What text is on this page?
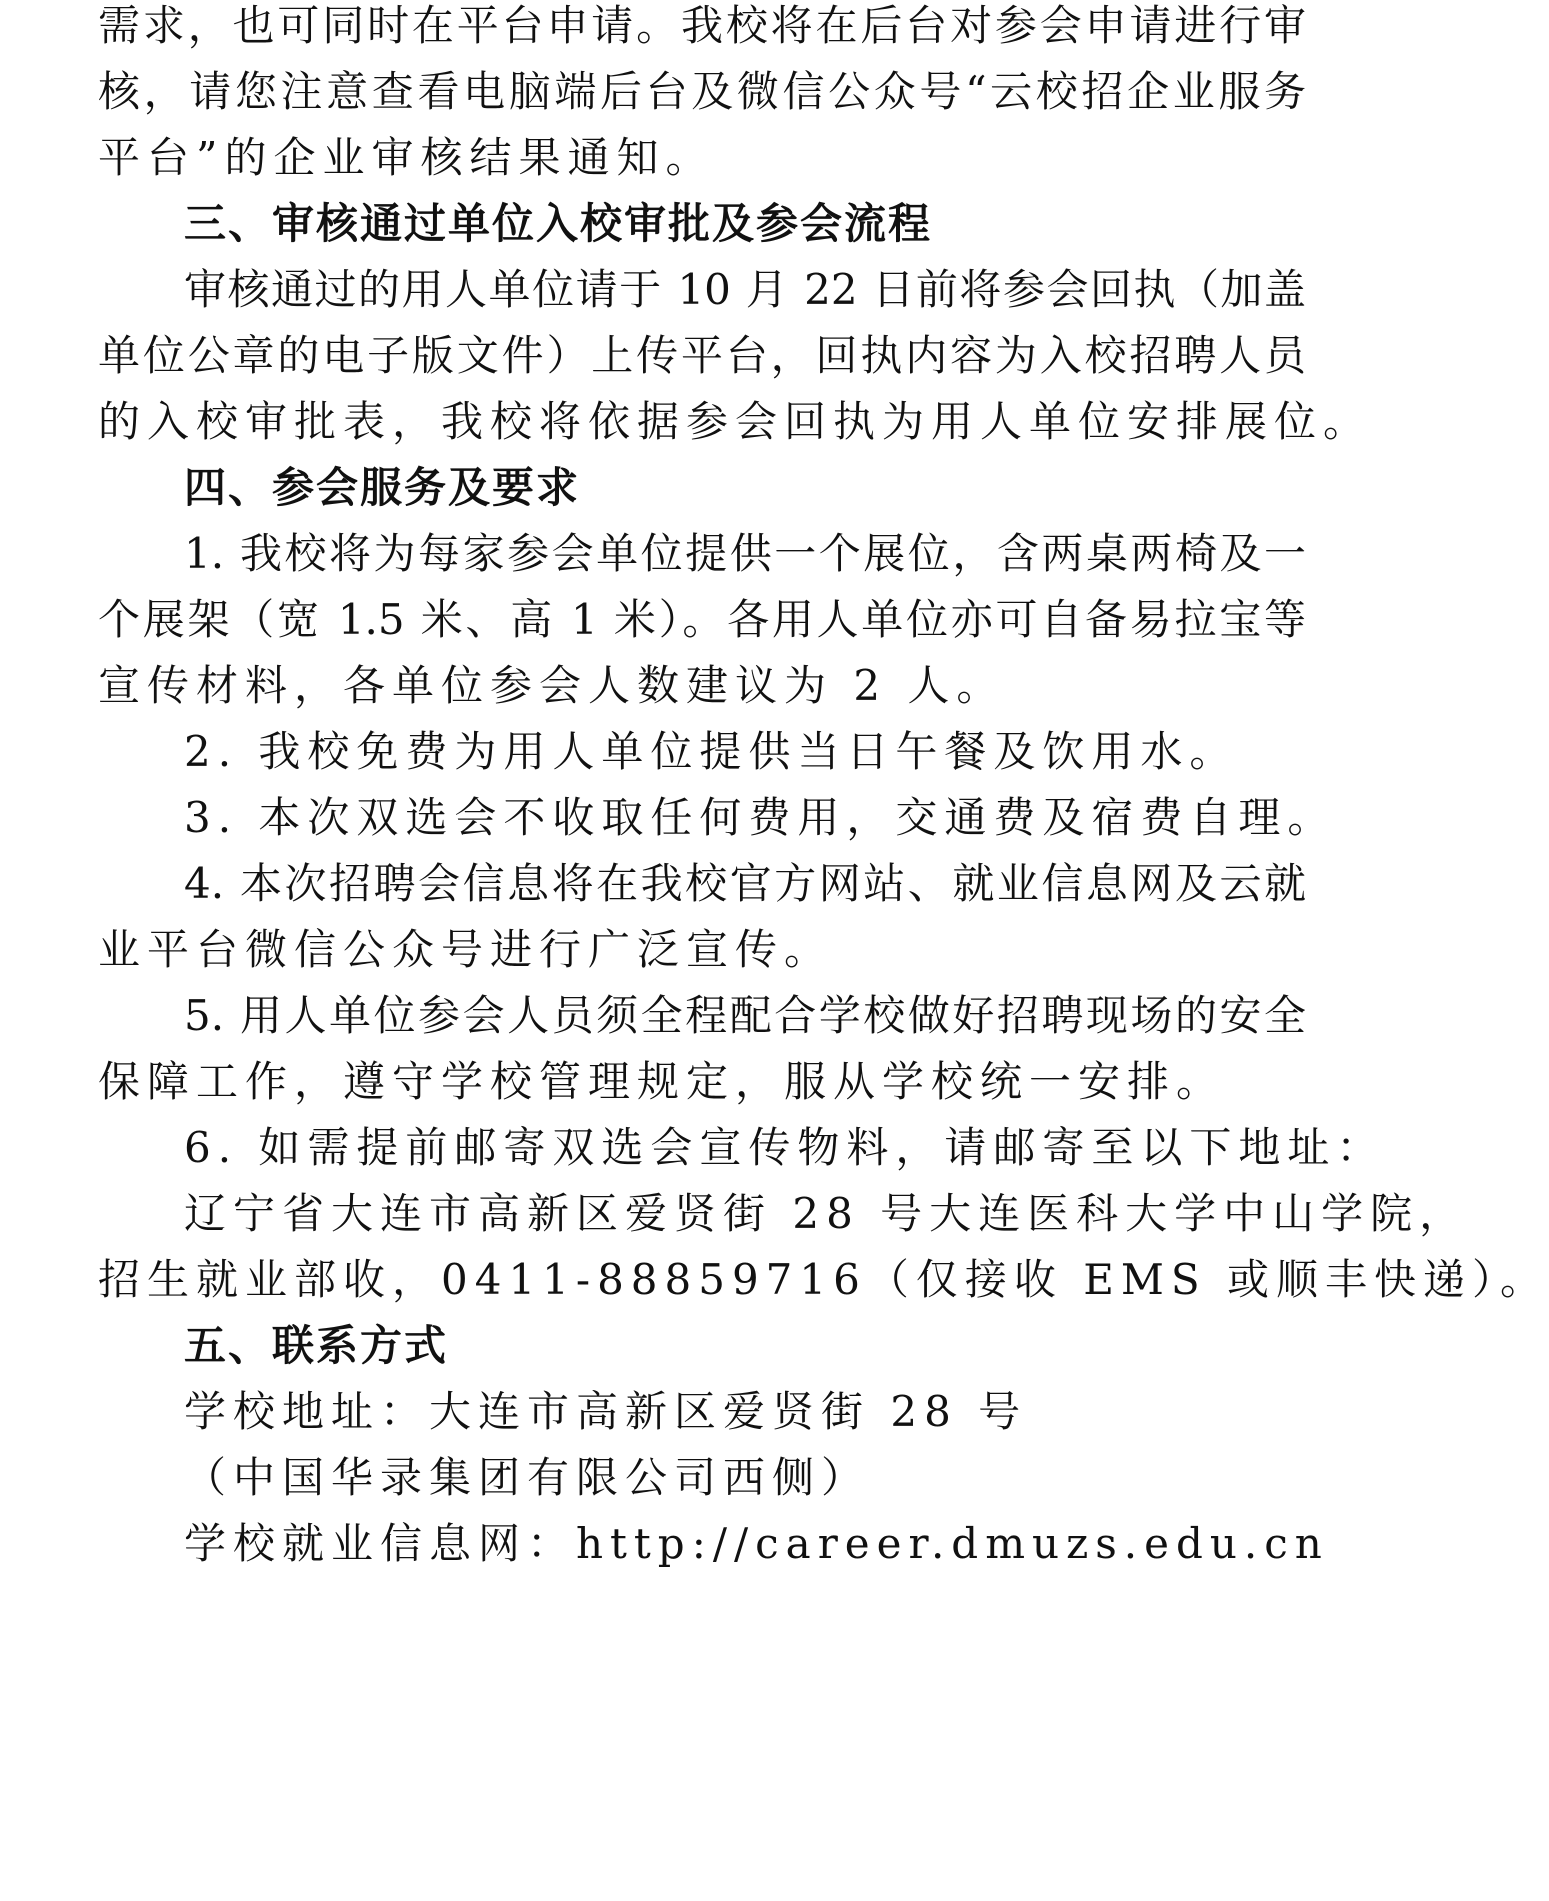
需求，也可同时在平台申请。我校将在后台对参会申请进行审
核，请您注意查看电脑端后台及微信公众号“云校招企业服务
平台”的企业审核结果通知。
三、审核通过单位入校审批及参会流程
审核通过的用人单位请于 10 月 22 日前将参会回执（加盖
单位公章的电子版文件）上传平台，回执内容为入校招聘人员
的入校审批表，我校将依据参会回执为用人单位安排展位。
四、参会服务及要求
1. 我校将为每家参会单位提供一个展位，含两桌两椅及一
个展架（宽 1.5 米、高 1 米）。各用人单位亦可自备易拉宝等
宣传材料，各单位参会人数建议为 2 人。
2. 我校免费为用人单位提供当日午餐及饮用水。
3. 本次双选会不收取任何费用，交通费及宿费自理。
4. 本次招聘会信息将在我校官方网站、就业信息网及云就
业平台微信公众号进行广泛宣传。
5. 用人单位参会人员须全程配合学校做好招聘现场的安全
保障工作，遵守学校管理规定，服从学校统一安排。
6. 如需提前邮寄双选会宣传物料，请邮寄至以下地址：
辽宁省大连市高新区爱贤街 28 号大连医科大学中山学院，
招生就业部收，0411-88859716（仅接收 EMS 或顺丰快递）。
五、联系方式
学校地址：大连市高新区爱贤街 28 号
（中国华录集团有限公司西侧）
学校就业信息网：http://career.dmuzs.edu.cn
